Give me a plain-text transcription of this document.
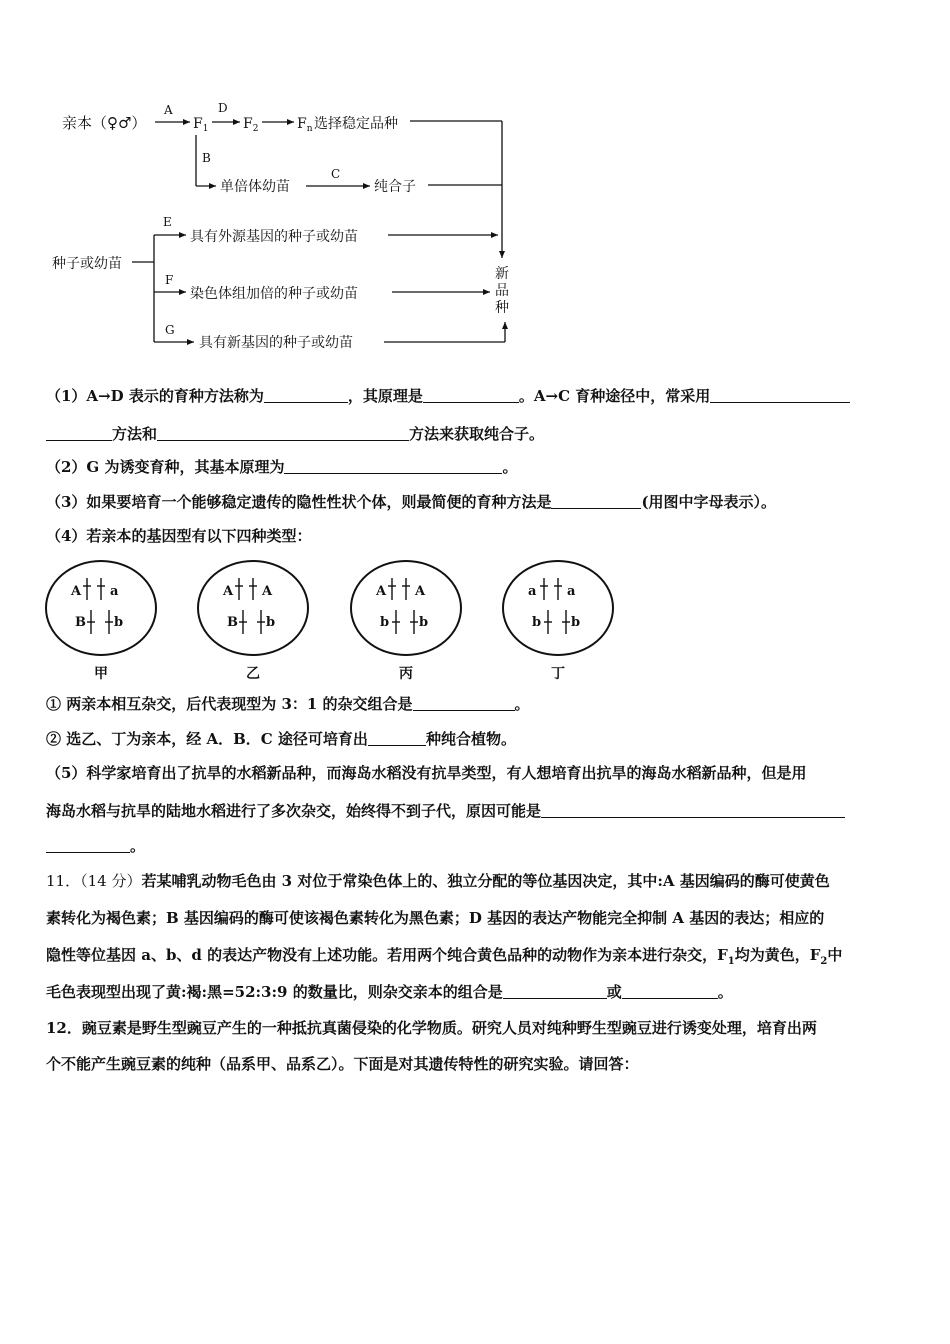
亲本（♀♂）
A
$F_1$
D
$F_2$	$F_n$ 选择稳定品种
B
单倍体幼苗
C
纯合子
新
品
种
种子或幼苗
E
具有外源基因的种子或幼苗
F
染色体组加倍的种子或幼苗
G
具有新基因的种子或幼苗
（1）A→D 表示的育种方法称为	，其原理是	。A→C 育种途径中，常采用
方法和	方法来获取纯合子。
（2）G 为诱变育种，其基本原理为	。
（3）如果要培育一个能够稳定遗传的隐性性状个体，则最简便的育种方法是	(用图中字母表示）。
（4）若亲本的基因型有以下四种类型：
A a
B b
甲
A A
B b
乙
A A
b b
丙
a a
b b
丁
① 两亲本相互杂交，后代表现型为 3：1 的杂交组合是	。
② 选乙、丁为亲本，经 A．B．C 途径可培育出	种纯合植物。
（5）科学家培育出了抗旱的水稻新品种，而海岛水稻没有抗旱类型，有人想培育出抗旱的海岛水稻新品种，但是用
海岛水稻与抗旱的陆地水稻进行了多次杂交，始终得不到子代，原因可能是
。
11．（14 分）若某哺乳动物毛色由 3 对位于常染色体上的、独立分配的等位基因决定，其中:A 基因编码的酶可使黄色
素转化为褐色素；B 基因编码的酶可使该褐色素转化为黑色素；D 基因的表达产物能完全抑制 A 基因的表达；相应的
隐性等位基因 a、b、d 的表达产物没有上述功能。若用两个纯合黄色品种的动物作为亲本进行杂交，$F_1$均为黄色，$F_2$中
毛色表现型出现了黄:褐:黑=52:3:9 的数量比，则杂交亲本的组合是	或	。
12．豌豆素是野生型豌豆产生的一种抵抗真菌侵染的化学物质。研究人员对纯种野生型豌豆进行诱变处理，培育出两
个不能产生豌豆素的纯种（品系甲、品系乙）。下面是对其遗传特性的研究实验。请回答：
